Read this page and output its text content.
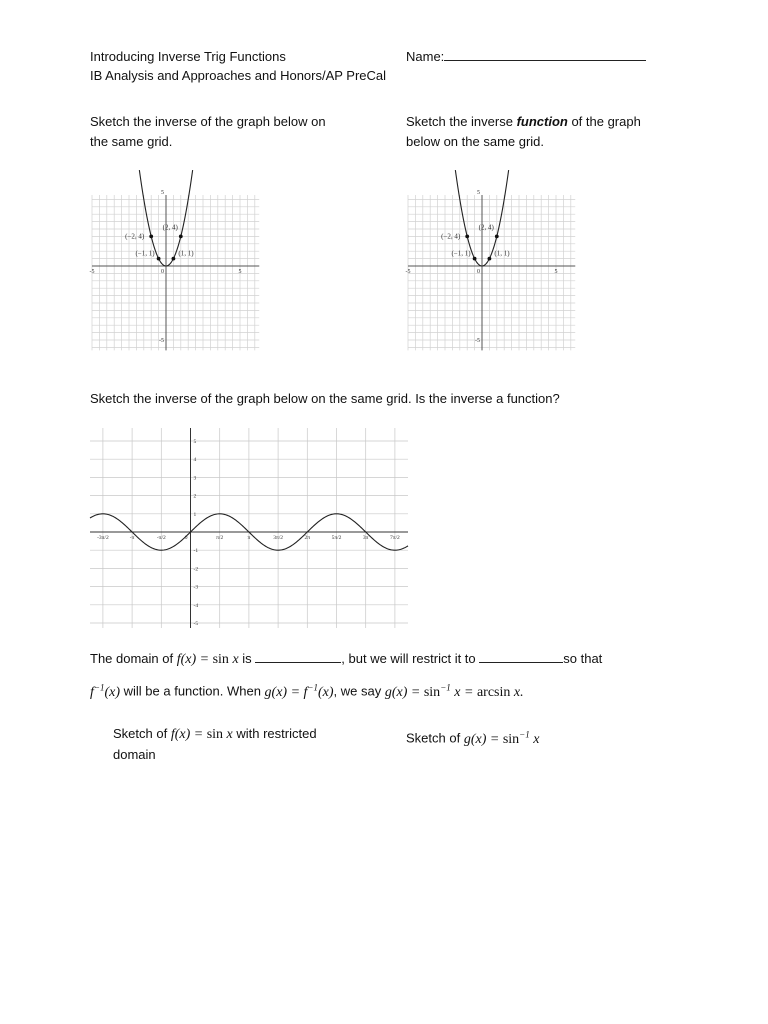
Introducing Inverse Trig Functions
IB Analysis and Approaches and Honors/AP PreCal
Name:
Sketch the inverse of the graph below on
the same grid.
Sketch the inverse function of the graph
below on the same grid.
-5	5
5
-5
0
(−2, 4)
(−1, 1)	(1, 1)
(2, 4)
-5	5
5
-5
0
(−2, 4)
(−1, 1)	(1, 1)
(2, 4)
Sketch the inverse of the graph below on the same grid. Is the inverse a function?
-3π/2	-π	-π/2	π/2	π	3π/2	2π	5π/2	3π	7π/2
0
5
4
3
2
1
-1
-2
-3
-4
-5
The domain of f(x) = sin x is	, but we will restrict it to	so that
$f^{-1}(x)$ will be a function. When $g(x) = f^{-1}(x)$, we say $g(x) = \sin^{-1} x = \arcsin x$.
Sketch of f(x) = sin x with restricted
domain
Sketch of $g(x) = \sin^{-1} x$
